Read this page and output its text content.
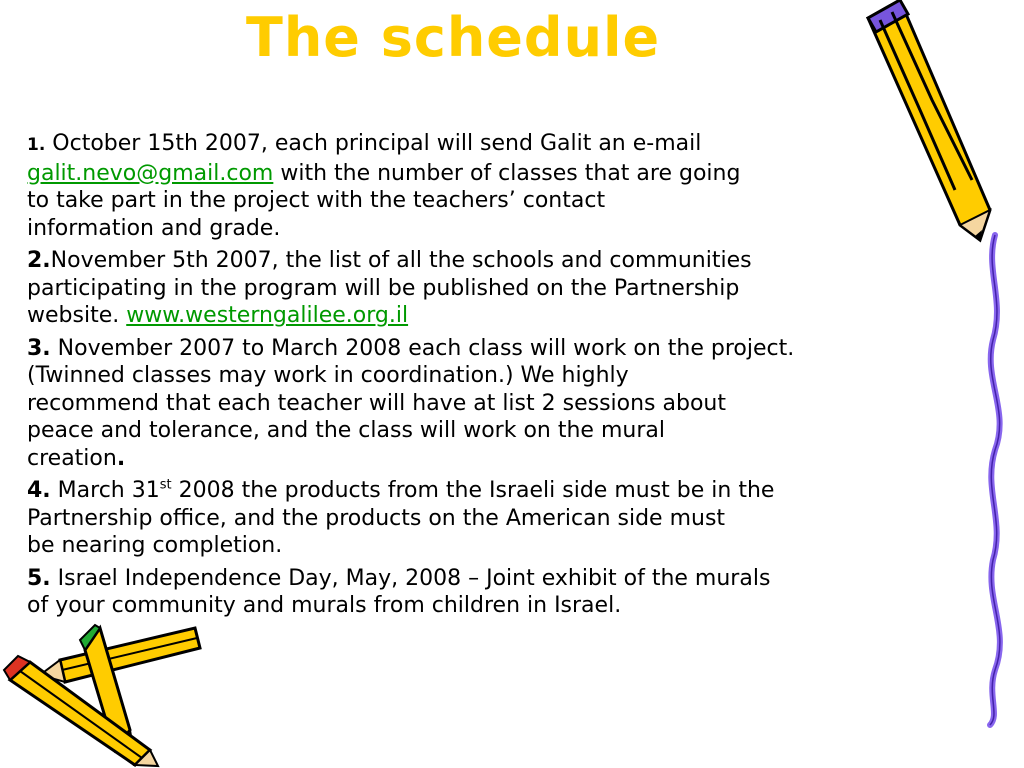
The schedule
1. October 15th 2007, each principal will send Galit an e-mail
galit.nevo@gmail.com with the number of classes that are going
to take part in the project with the teachers’ contact
information and grade.
2.November 5th 2007, the list of all the schools and communities
participating in the program will be published on the Partnership
website. www.westerngalilee.org.il
3. November 2007 to March 2008 each class will work on the project.
(Twinned classes may work in coordination.) We highly
recommend that each teacher will have at list 2 sessions about
peace and tolerance, and the class will work on the mural
creation.
4. March 31st 2008 the products from the Israeli side must be in the
Partnership office, and the products on the American side must
be nearing completion.
5. Israel Independence Day, May, 2008 – Joint exhibit of the murals
of your community and murals from children in Israel.
